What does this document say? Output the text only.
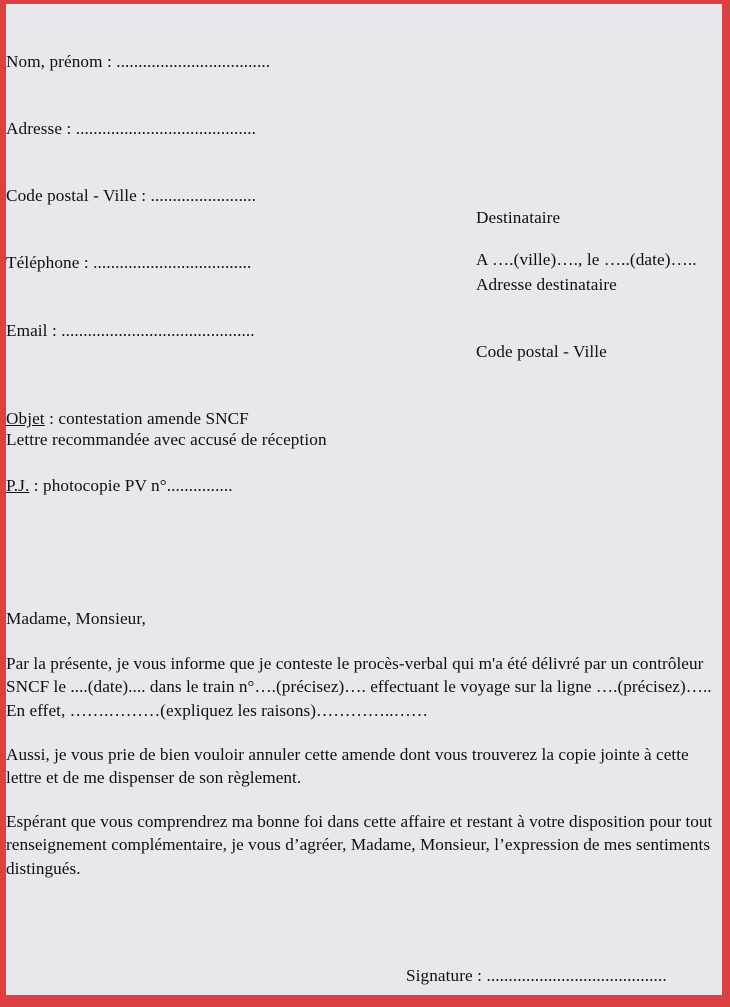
Nom, prénom : ...................................

Adresse : .........................................

Code postal - Ville : ........................

Téléphone : ....................................

Email : ............................................

Destinataire

Adresse destinataire

Code postal - Ville

A ….(ville)…., le …..(date)…..

Objet : contestation amende SNCF

P.J. : photocopie PV n°...............

Lettre recommandée avec accusé de réception
Madame, Monsieur,
Par la présente, je vous informe que je conteste le procès-verbal qui m'a été délivré par un contrôleur SNCF le ....(date).... dans le train n°….(précisez)…. effectuant le voyage sur la ligne ….(précisez)….. En effet, …….………(expliquez les raisons)…………..……
Aussi, je vous prie de bien vouloir annuler cette amende dont vous trouverez la copie jointe à cette lettre et de me dispenser de son règlement.
Espérant que vous comprendrez ma bonne foi dans cette affaire et restant à votre disposition pour tout renseignement complémentaire, je vous d’agréer, Madame, Monsieur, l’expression de mes sentiments distingués.
Signature : .........................................
